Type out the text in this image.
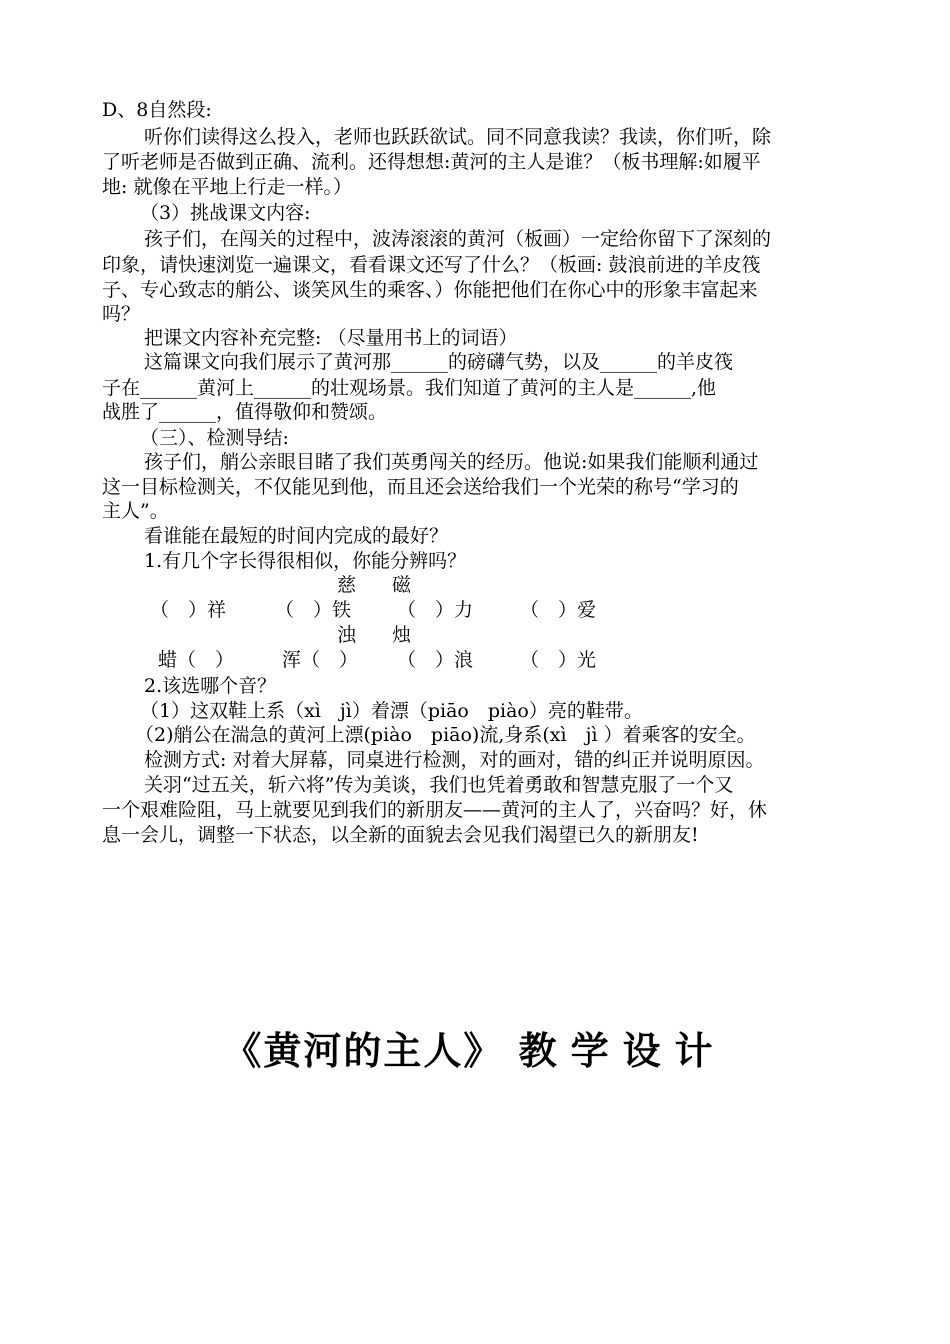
D、8自然段:
听你们读得这么投入，老师也跃跃欲试。同不同意我读？我读，你们听，除
了听老师是否做到正确、流利。还得想想:黄河的主人是谁？（板书理解:如履平
地: 就像在平地上行走一样。）
（3）挑战课文内容:
孩子们，在闯关的过程中，波涛滚滚的黄河（板画）一定给你留下了深刻的
印象，请快速浏览一遍课文，看看课文还写了什么？（板画: 鼓浪前进的羊皮筏
子、专心致志的艄公、谈笑风生的乘客、）你能把他们在你心中的形象丰富起来
吗？
把课文内容补充完整: （尽量用书上的词语）
这篇课文向我们展示了黄河那______的磅礴气势，以及______的羊皮筏
子在______黄河上______的壮观场景。我们知道了黄河的主人是______,他
战胜了______，值得敬仰和赞颂。
（三）、检测导结:
孩子们，艄公亲眼目睹了我们英勇闯关的经历。他说:如果我们能顺利通过
这一目标检测关，不仅能见到他，而且还会送给我们一个光荣的称号“学习的
主人”。
看谁能在最短的时间内完成的最好？
1.有几个字长得很相似，你能分辨吗？
慈 磁
（　）祥	（　）铁 （　）力 （　）爱
浊 烛
蜡（　）	浑（　） （　）浪 （　）光
2.该选哪个音？
（1）这双鞋上系（xì　jì）着漂（piāo　piào）亮的鞋带。
（2)艄公在湍急的黄河上漂(piào　piāo)流,身系(xì　jì ）着乘客的安全。
检测方式: 对着大屏幕，同桌进行检测，对的画对，错的纠正并说明原因。
关羽“过五关，斩六将”传为美谈，我们也凭着勇敢和智慧克服了一个又
一个艰难险阻，马上就要见到我们的新朋友——黄河的主人了，兴奋吗？好，休
息一会儿，调整一下状态，以全新的面貌去会见我们渴望已久的新朋友!
《黄河的主人》 教学设计
